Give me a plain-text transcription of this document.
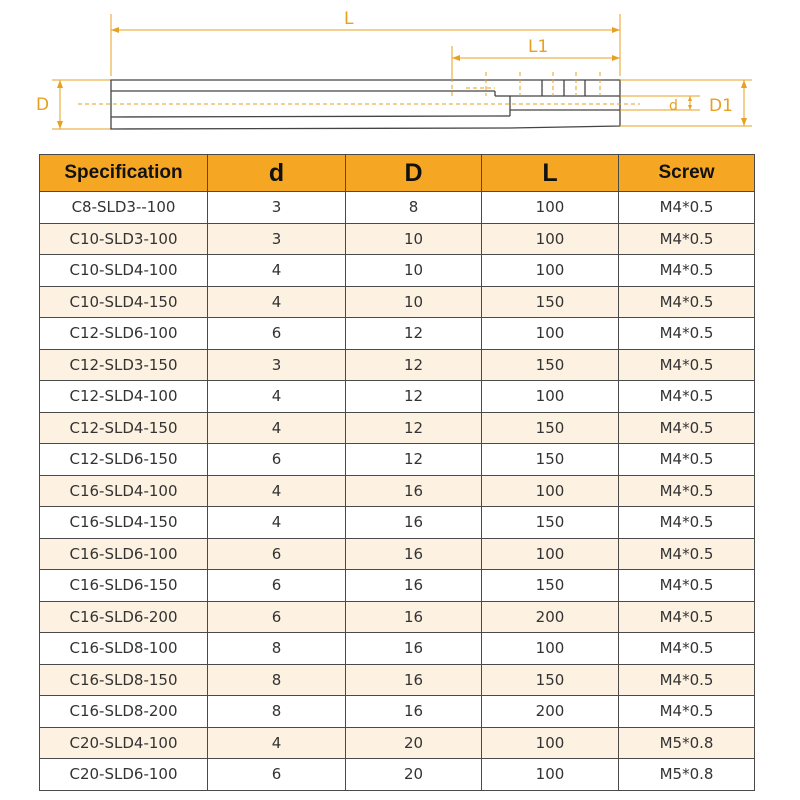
L
L1
D	d D1
Specification	d	D	L	Screw
C8-SLD3--100	3	8	100	M4*0.5
C10-SLD3-100	3	10	100	M4*0.5
C10-SLD4-100	4	10	100	M4*0.5
C10-SLD4-150	4	10	150	M4*0.5
C12-SLD6-100	6	12	100	M4*0.5
C12-SLD3-150	3	12	150	M4*0.5
C12-SLD4-100	4	12	100	M4*0.5
C12-SLD4-150	4	12	150	M4*0.5
C12-SLD6-150	6	12	150	M4*0.5
C16-SLD4-100	4	16	100	M4*0.5
C16-SLD4-150	4	16	150	M4*0.5
C16-SLD6-100	6	16	100	M4*0.5
C16-SLD6-150	6	16	150	M4*0.5
C16-SLD6-200	6	16	200	M4*0.5
C16-SLD8-100	8	16	100	M4*0.5
C16-SLD8-150	8	16	150	M4*0.5
C16-SLD8-200	8	16	200	M4*0.5
C20-SLD4-100	4	20	100	M5*0.8
C20-SLD6-100	6	20	100	M5*0.8
